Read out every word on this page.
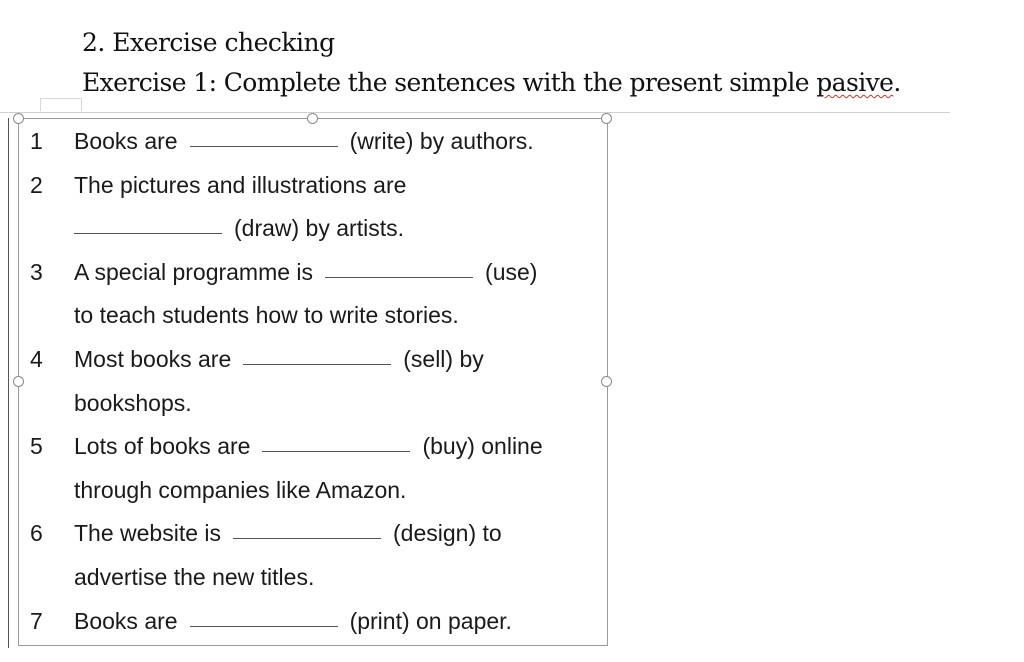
2. Exercise checking
Exercise 1: Complete the sentences with the present simple pasive.
1	Books are	(write) by authors.
2	The pictures and illustrations are
(draw) by artists.
3	A special programme is	(use)
to teach students how to write stories.
4	Most books are	(sell) by
bookshops.
5	Lots of books are	(buy) online
through companies like Amazon.
6	The website is	(design) to
advertise the new titles.
7	Books are	(print) on paper.
